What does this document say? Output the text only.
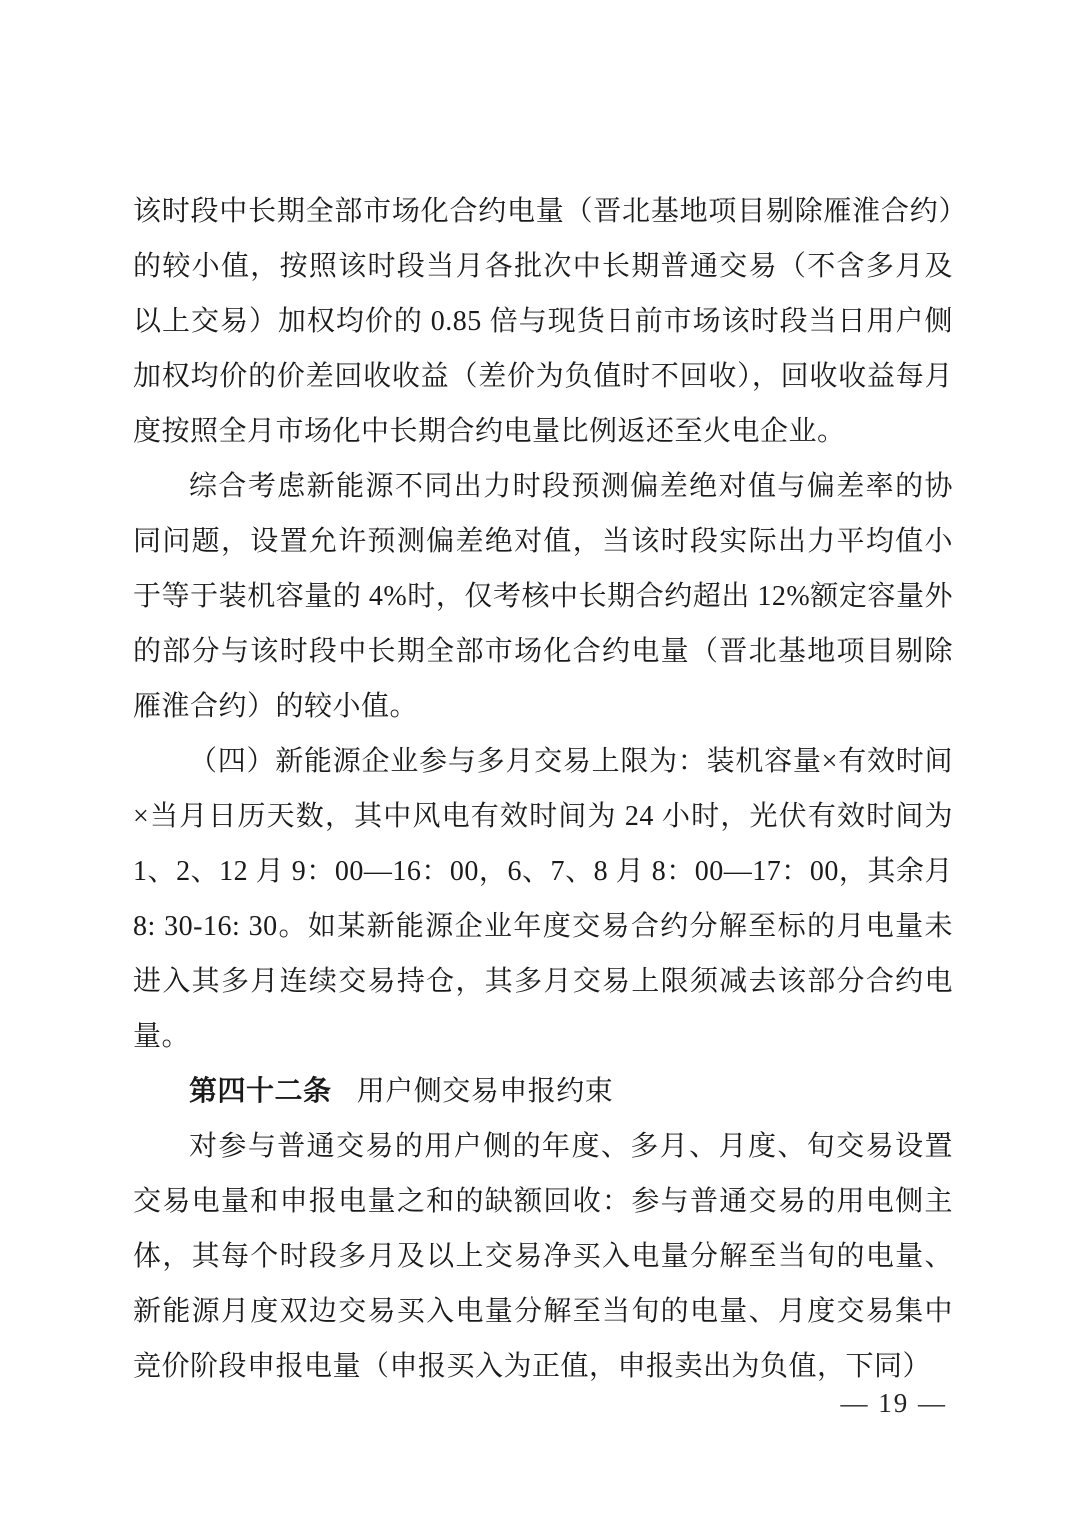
该时段中长期全部市场化合约电量（晋北基地项目剔除雁淮合约）的较小值，按照该时段当月各批次中长期普通交易（不含多月及以上交易）加权均价的 0.85 倍与现货日前市场该时段当日用户侧加权均价的价差回收收益（差价为负值时不回收），回收收益每月度按照全月市场化中长期合约电量比例返还至火电企业。

综合考虑新能源不同出力时段预测偏差绝对值与偏差率的协同问题，设置允许预测偏差绝对值，当该时段实际出力平均值小于等于装机容量的 4%时，仅考核中长期合约超出 12%额定容量外的部分与该时段中长期全部市场化合约电量（晋北基地项目剔除雁淮合约）的较小值。

（四）新能源企业参与多月交易上限为：装机容量×有效时间×当月日历天数，其中风电有效时间为 24 小时，光伏有效时间为 1、2、12 月 9：00—16：00，6、7、8 月 8：00—17：00，其余月 8: 30-16: 30。如某新能源企业年度交易合约分解至标的月电量未进入其多月连续交易持仓，其多月交易上限须减去该部分合约电量。

第四十二条 用户侧交易申报约束

对参与普通交易的用户侧的年度、多月、月度、旬交易设置交易电量和申报电量之和的缺额回收：参与普通交易的用电侧主体，其每个时段多月及以上交易净买入电量分解至当旬的电量、新能源月度双边交易买入电量分解至当旬的电量、月度交易集中竞价阶段申报电量（申报买入为正值，申报卖出为负值，下同）

— 19 —
